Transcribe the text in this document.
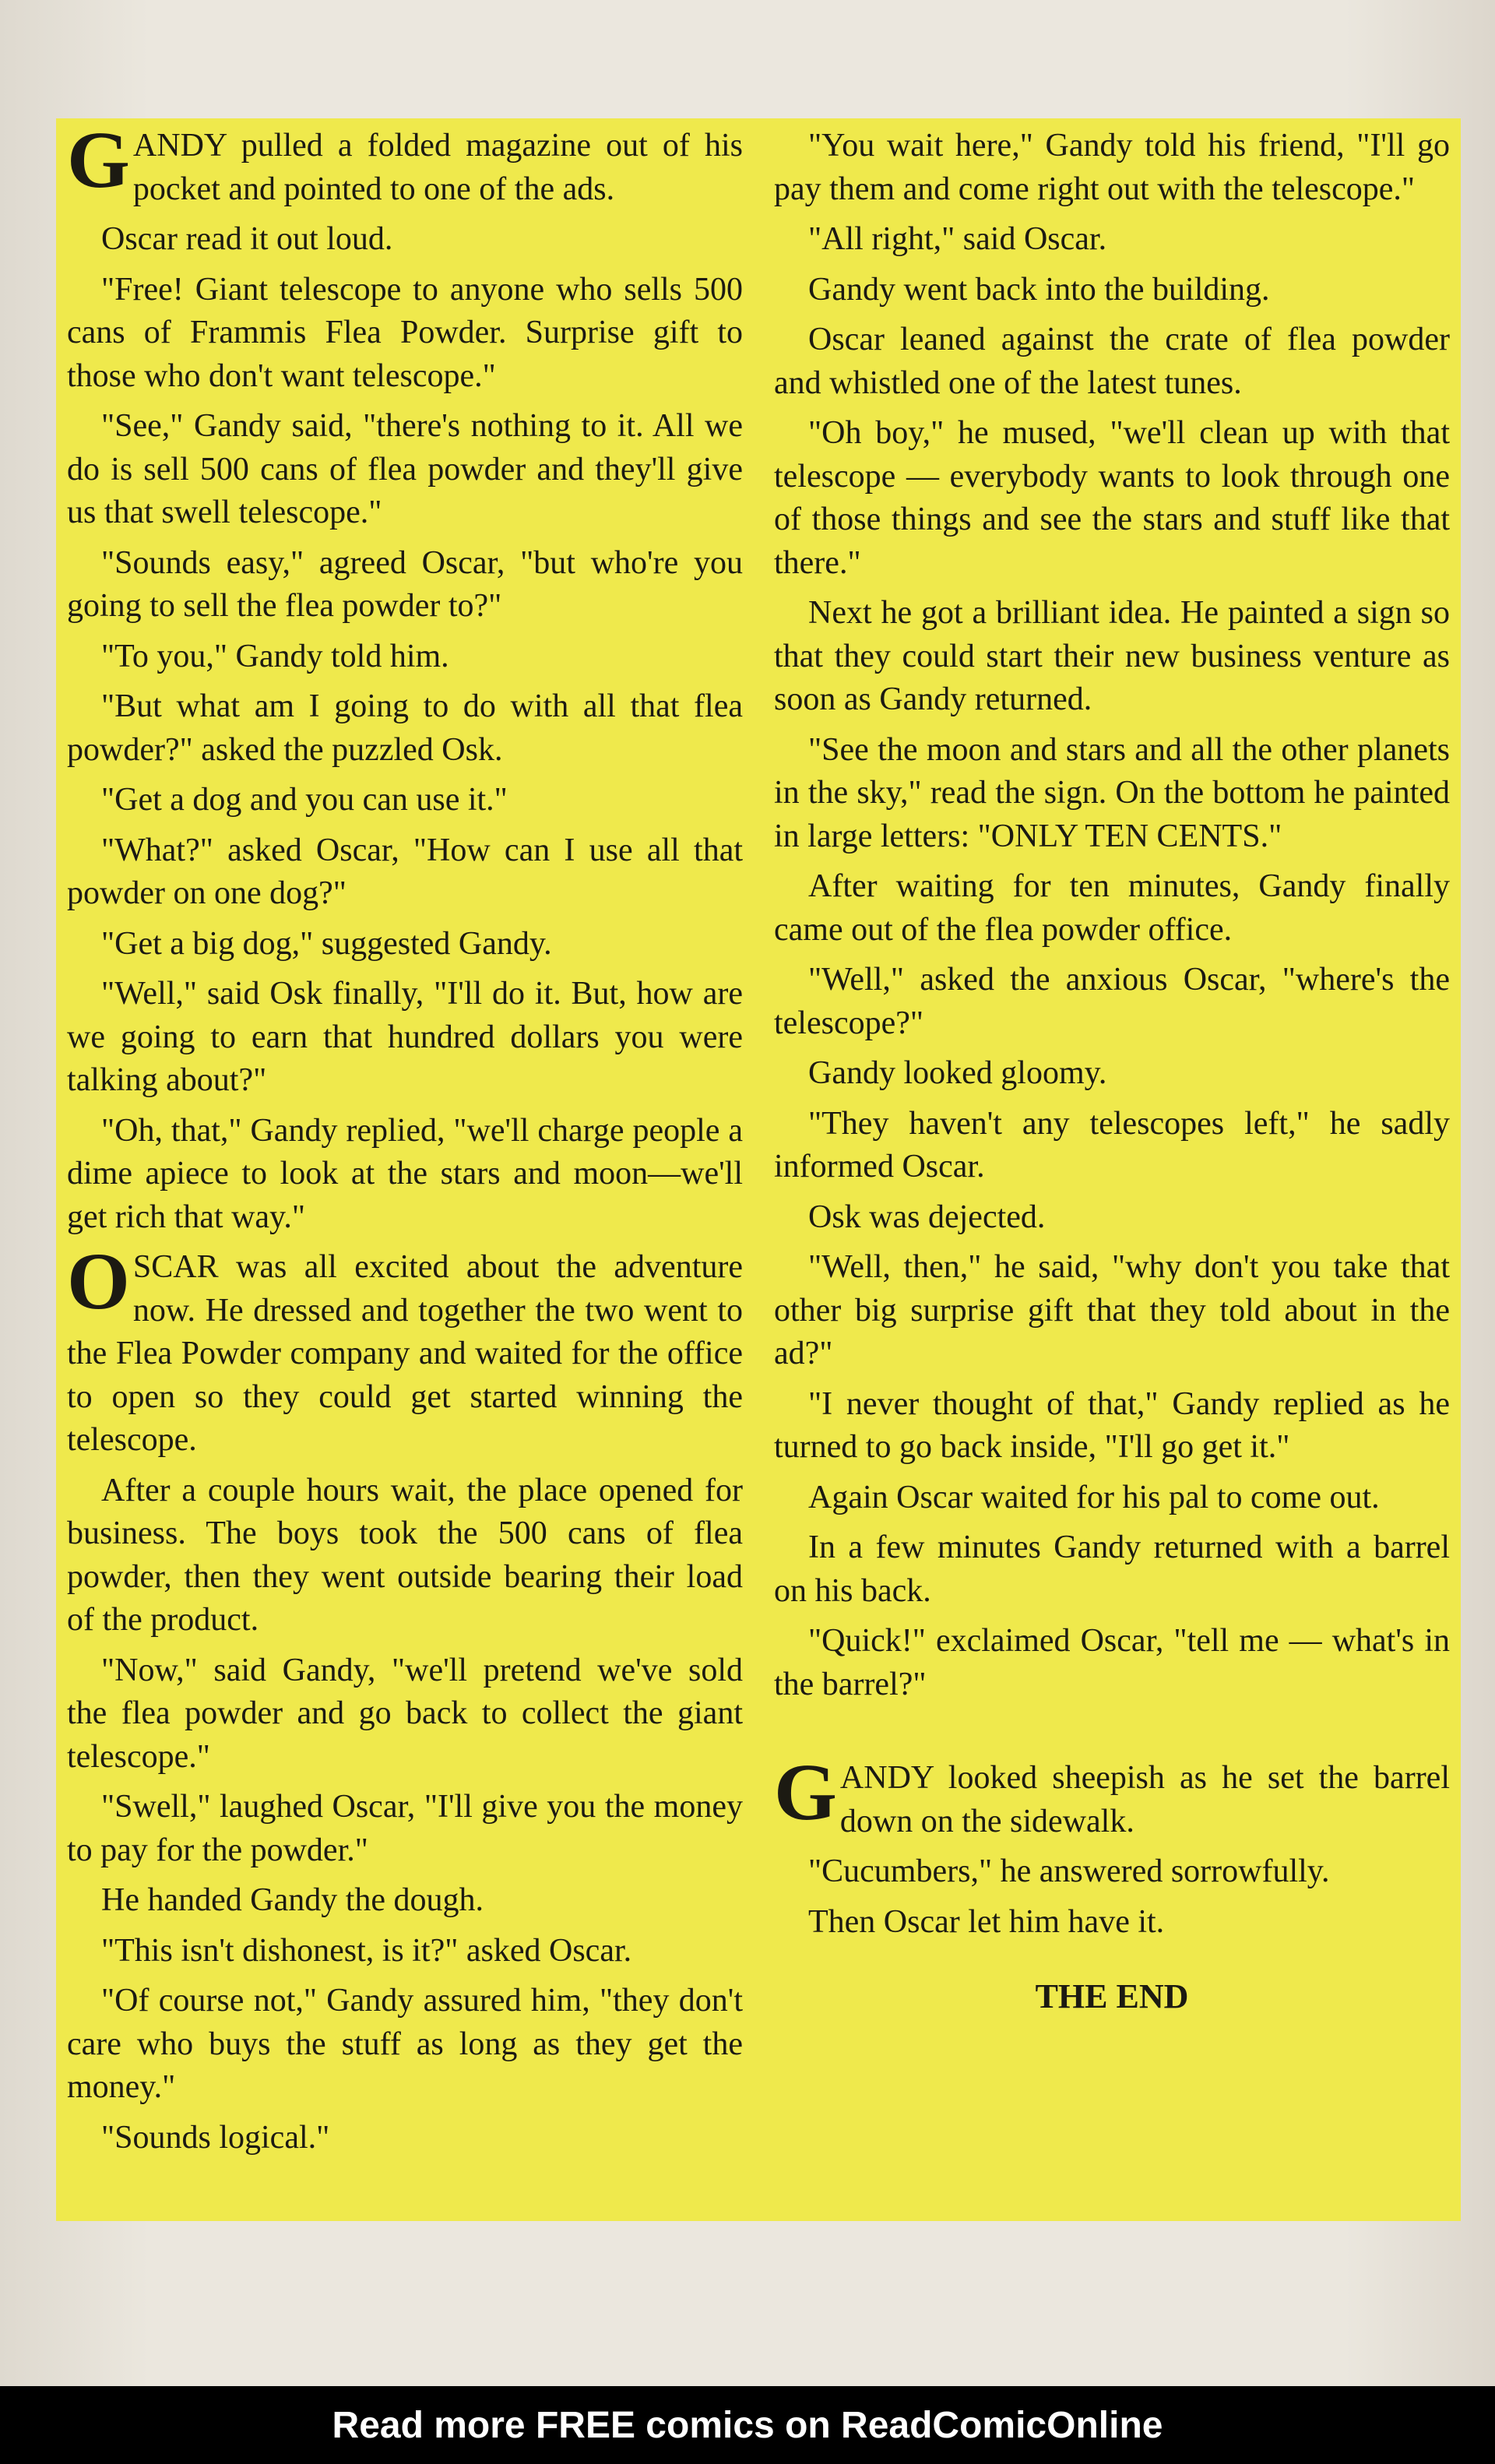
GANDY pulled a folded magazine out of his pocket and pointed to one of the ads.

Oscar read it out loud.

"Free! Giant telescope to anyone who sells 500 cans of Frammis Flea Powder. Surprise gift to those who don't want telescope."

"See," Gandy said, "there's nothing to it. All we do is sell 500 cans of flea powder and they'll give us that swell telescope."

"Sounds easy," agreed Oscar, "but who're you going to sell the flea powder to?"

"To you," Gandy told him.

"But what am I going to do with all that flea powder?" asked the puzzled Osk.

"Get a dog and you can use it."

"What?" asked Oscar, "How can I use all that powder on one dog?"

"Get a big dog," suggested Gandy.

"Well," said Osk finally, "I'll do it. But, how are we going to earn that hundred dollars you were talking about?"

"Oh, that," Gandy replied, "we'll charge people a dime apiece to look at the stars and moon—we'll get rich that way."

OSCAR was all excited about the adventure now. He dressed and together the two went to the Flea Powder company and waited for the office to open so they could get started winning the telescope.

After a couple hours wait, the place opened for business. The boys took the 500 cans of flea powder, then they went outside bearing their load of the product.

"Now," said Gandy, "we'll pretend we've sold the flea powder and go back to collect the giant telescope."

"Swell," laughed Oscar, "I'll give you the money to pay for the powder."

He handed Gandy the dough.

"This isn't dishonest, is it?" asked Oscar.

"Of course not," Gandy assured him, "they don't care who buys the stuff as long as they get the money."

"Sounds logical."

"You wait here," Gandy told his friend, "I'll go pay them and come right out with the telescope."

"All right," said Oscar.

Gandy went back into the building.

Oscar leaned against the crate of flea powder and whistled one of the latest tunes.

"Oh boy," he mused, "we'll clean up with that telescope — everybody wants to look through one of those things and see the stars and stuff like that there."

Next he got a brilliant idea. He painted a sign so that they could start their new business venture as soon as Gandy returned.

"See the moon and stars and all the other planets in the sky," read the sign. On the bottom he painted in large letters: "ONLY TEN CENTS."

After waiting for ten minutes, Gandy finally came out of the flea powder office.

"Well," asked the anxious Oscar, "where's the telescope?"

Gandy looked gloomy.

"They haven't any telescopes left," he sadly informed Oscar.

Osk was dejected.

"Well, then," he said, "why don't you take that other big surprise gift that they told about in the ad?"

"I never thought of that," Gandy replied as he turned to go back inside, "I'll go get it."

Again Oscar waited for his pal to come out.

In a few minutes Gandy returned with a barrel on his back.

"Quick!" exclaimed Oscar, "tell me — what's in the barrel?"

GANDY looked sheepish as he set the barrel down on the sidewalk.

"Cucumbers," he answered sorrowfully.

Then Oscar let him have it.

THE END

Read more FREE comics on ReadComicOnline
